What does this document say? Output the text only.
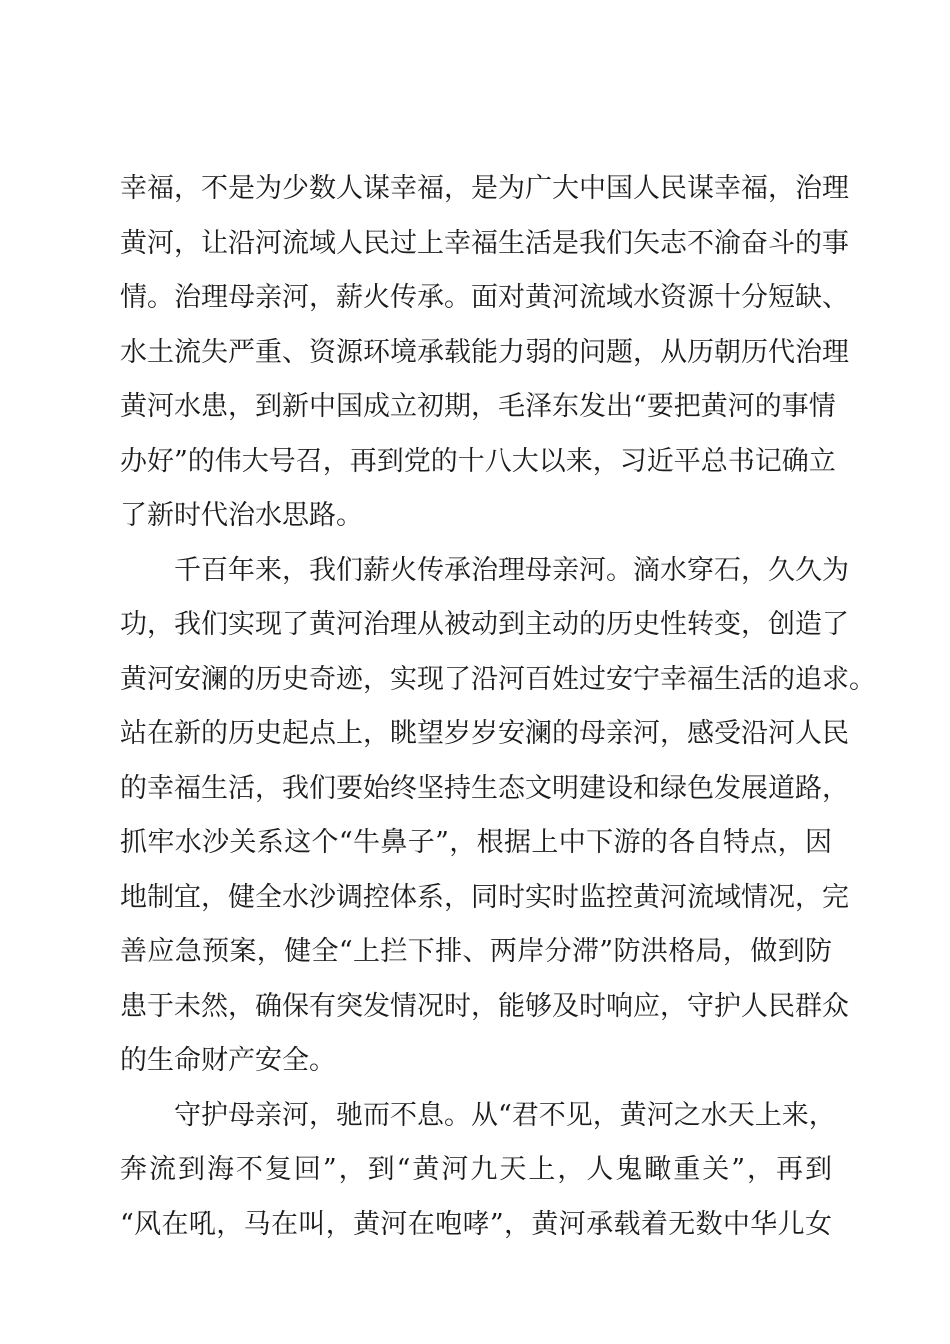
幸福，不是为少数人谋幸福，是为广大中国人民谋幸福，治理
黄河，让沿河流域人民过上幸福生活是我们矢志不渝奋斗的事
情。治理母亲河，薪火传承。面对黄河流域水资源十分短缺、
水土流失严重、资源环境承载能力弱的问题，从历朝历代治理
黄河水患，到新中国成立初期，毛泽东发出“要把黄河的事情
办好”的伟大号召，再到党的十八大以来，习近平总书记确立
了新时代治水思路。
千百年来，我们薪火传承治理母亲河。滴水穿石，久久为
功，我们实现了黄河治理从被动到主动的历史性转变，创造了
黄河安澜的历史奇迹，实现了沿河百姓过安宁幸福生活的追求。
站在新的历史起点上，眺望岁岁安澜的母亲河，感受沿河人民
的幸福生活，我们要始终坚持生态文明建设和绿色发展道路，
抓牢水沙关系这个“牛鼻子”，根据上中下游的各自特点，因
地制宜，健全水沙调控体系，同时实时监控黄河流域情况，完
善应急预案，健全“上拦下排、两岸分滞”防洪格局，做到防
患于未然，确保有突发情况时，能够及时响应，守护人民群众
的生命财产安全。
守护母亲河，驰而不息。从“君不见，黄河之水天上来，
奔流到海不复回”，到“黄河九天上，人鬼瞰重关”，再到
“风在吼，马在叫，黄河在咆哮”，黄河承载着无数中华儿女
